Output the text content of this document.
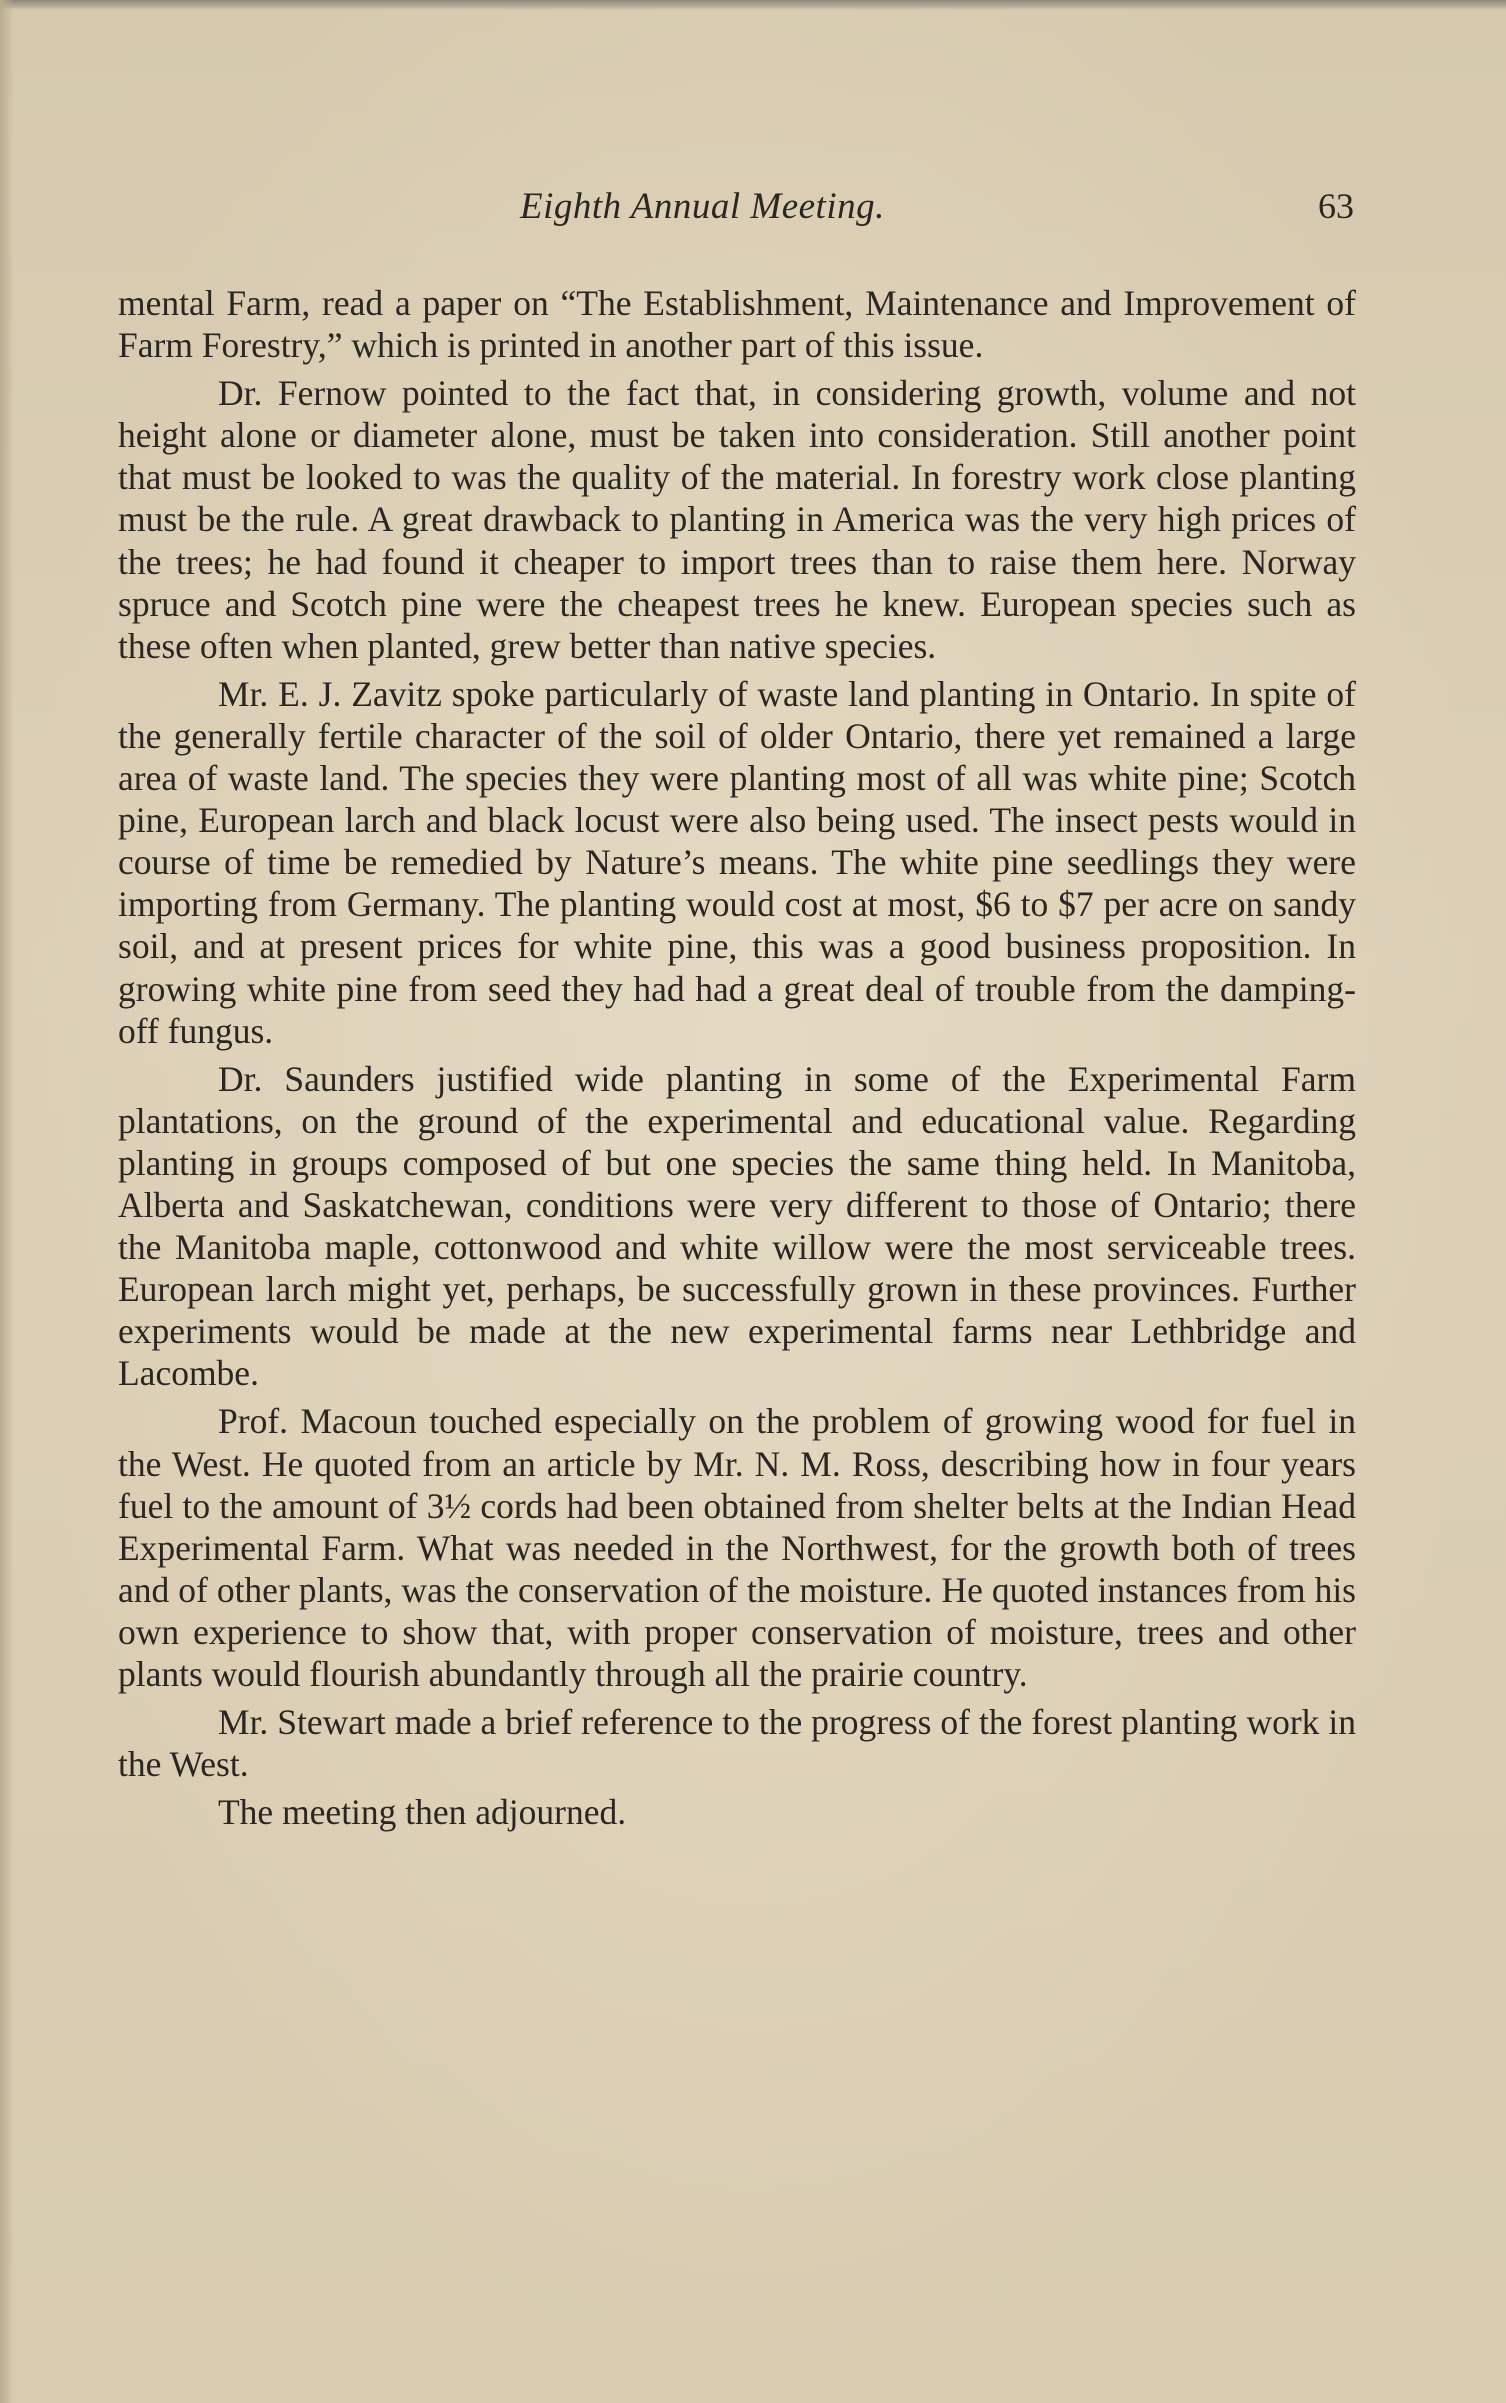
Eighth Annual Meeting.	63

mental Farm, read a paper on “The Establishment, Maintenance and Improvement of Farm Forestry,” which is printed in another part of this issue.

Dr. Fernow pointed to the fact that, in considering growth, volume and not height alone or diameter alone, must be taken into consideration. Still another point that must be looked to was the quality of the material. In forestry work close planting must be the rule. A great drawback to planting in America was the very high prices of the trees; he had found it cheaper to import trees than to raise them here. Norway spruce and Scotch pine were the cheapest trees he knew. European species such as these often when planted, grew better than native species.

Mr. E. J. Zavitz spoke particularly of waste land planting in Ontario. In spite of the generally fertile character of the soil of older Ontario, there yet remained a large area of waste land. The species they were planting most of all was white pine; Scotch pine, European larch and black locust were also being used. The insect pests would in course of time be remedied by Nature’s means. The white pine seedlings they were importing from Germany. The planting would cost at most, $6 to $7 per acre on sandy soil, and at present prices for white pine, this was a good business proposition. In growing white pine from seed they had had a great deal of trouble from the damping-off fungus.

Dr. Saunders justified wide planting in some of the Experimental Farm plantations, on the ground of the experimental and educational value. Regarding planting in groups composed of but one species the same thing held. In Manitoba, Alberta and Saskatchewan, conditions were very different to those of Ontario; there the Manitoba maple, cottonwood and white willow were the most serviceable trees. European larch might yet, perhaps, be successfully grown in these provinces. Further experiments would be made at the new experimental farms near Lethbridge and Lacombe.

Prof. Macoun touched especially on the problem of growing wood for fuel in the West. He quoted from an article by Mr. N. M. Ross, describing how in four years fuel to the amount of 3½ cords had been obtained from shelter belts at the Indian Head Experimental Farm. What was needed in the Northwest, for the growth both of trees and of other plants, was the conservation of the moisture. He quoted instances from his own experience to show that, with proper conservation of moisture, trees and other plants would flourish abundantly through all the prairie country.

Mr. Stewart made a brief reference to the progress of the forest planting work in the West.

The meeting then adjourned.
